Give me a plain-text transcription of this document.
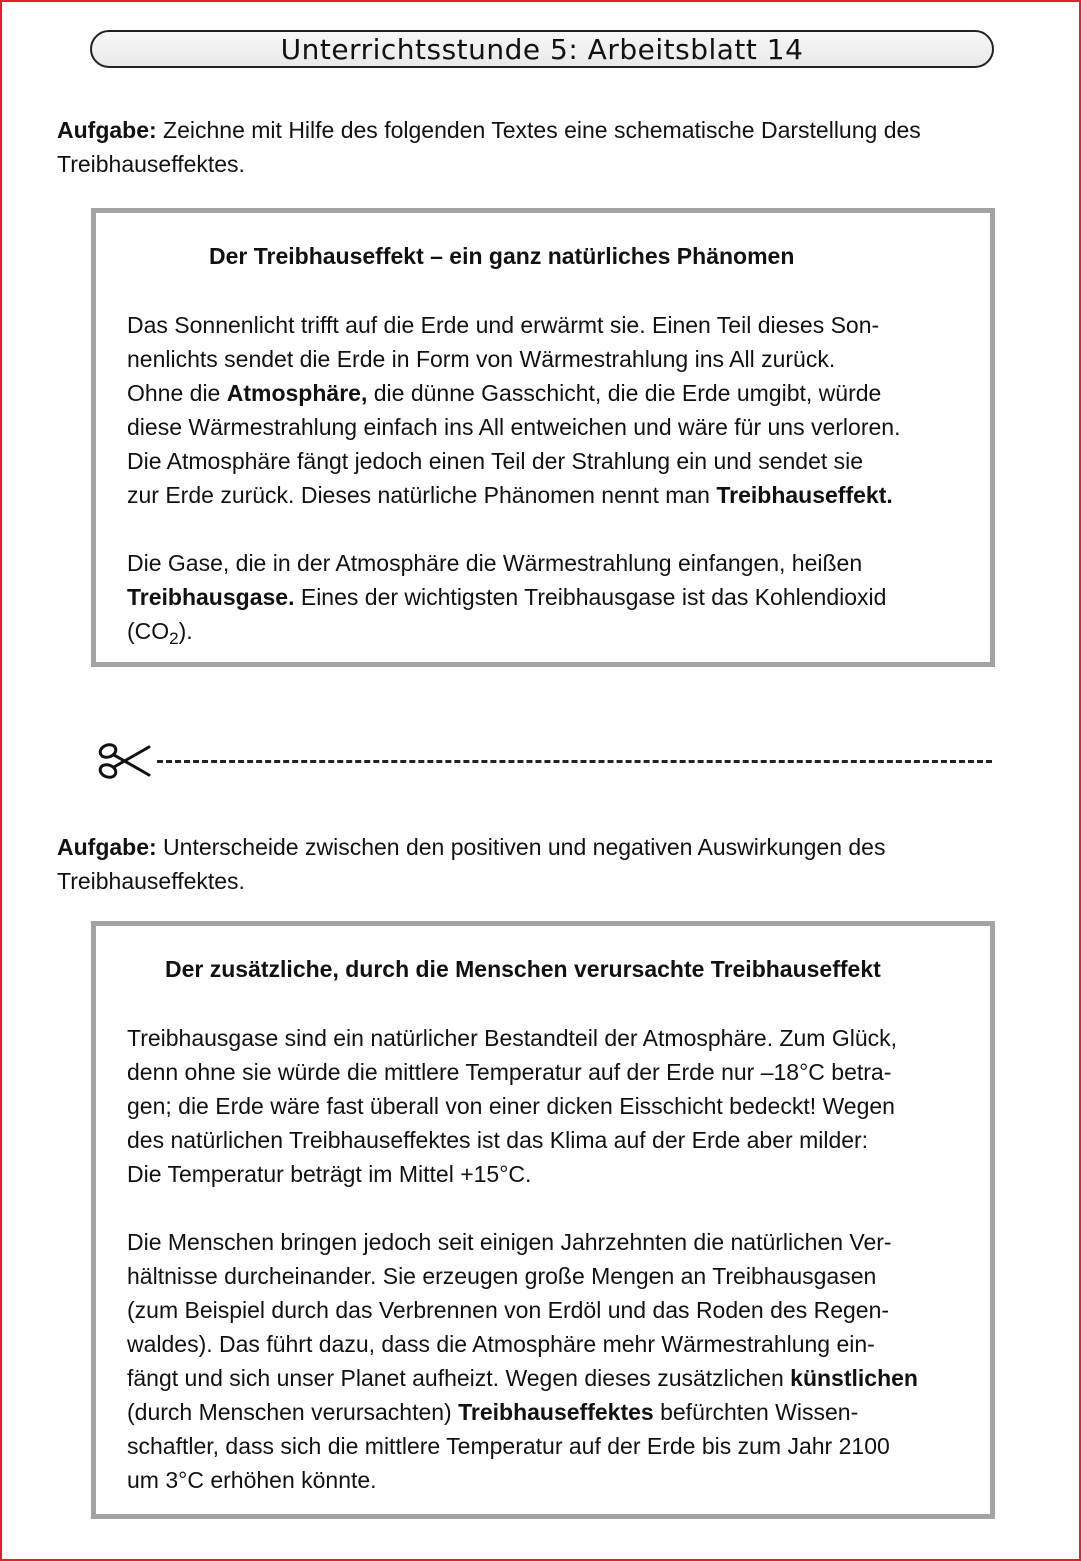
Unterrichtsstunde 5: Arbeitsblatt 14
Aufgabe: Zeichne mit Hilfe des folgenden Textes eine schematische Darstellung des
Treibhauseffektes.
Der Treibhauseffekt – ein ganz natürliches Phänomen

Das Sonnenlicht trifft auf die Erde und erwärmt sie. Einen Teil dieses Son-
nenlichts sendet die Erde in Form von Wärmestrahlung ins All zurück.
Ohne die Atmosphäre, die dünne Gasschicht, die die Erde umgibt, würde
diese Wärmestrahlung einfach ins All entweichen und wäre für uns verloren.
Die Atmosphäre fängt jedoch einen Teil der Strahlung ein und sendet sie
zur Erde zurück. Dieses natürliche Phänomen nennt man Treibhauseffekt.

Die Gase, die in der Atmosphäre die Wärmestrahlung einfangen, heißen
Treibhausgase. Eines der wichtigsten Treibhausgase ist das Kohlendioxid
$(CO_2)$.

Aufgabe: Unterscheide zwischen den positiven und negativen Auswirkungen des
Treibhauseffektes.
Der zusätzliche, durch die Menschen verursachte Treibhauseffekt

Treibhausgase sind ein natürlicher Bestandteil der Atmosphäre. Zum Glück,
denn ohne sie würde die mittlere Temperatur auf der Erde nur –18°C betra-
gen; die Erde wäre fast überall von einer dicken Eisschicht bedeckt! Wegen
des natürlichen Treibhauseffektes ist das Klima auf der Erde aber milder:
Die Temperatur beträgt im Mittel +15°C.

Die Menschen bringen jedoch seit einigen Jahrzehnten die natürlichen Ver-
hältnisse durcheinander. Sie erzeugen große Mengen an Treibhausgasen
(zum Beispiel durch das Verbrennen von Erdöl und das Roden des Regen-
waldes). Das führt dazu, dass die Atmosphäre mehr Wärmestrahlung ein-
fängt und sich unser Planet aufheizt. Wegen dieses zusätzlichen künstlichen
(durch Menschen verursachten) Treibhauseffektes befürchten Wissen-
schaftler, dass sich die mittlere Temperatur auf der Erde bis zum Jahr 2100
um 3°C erhöhen könnte.
